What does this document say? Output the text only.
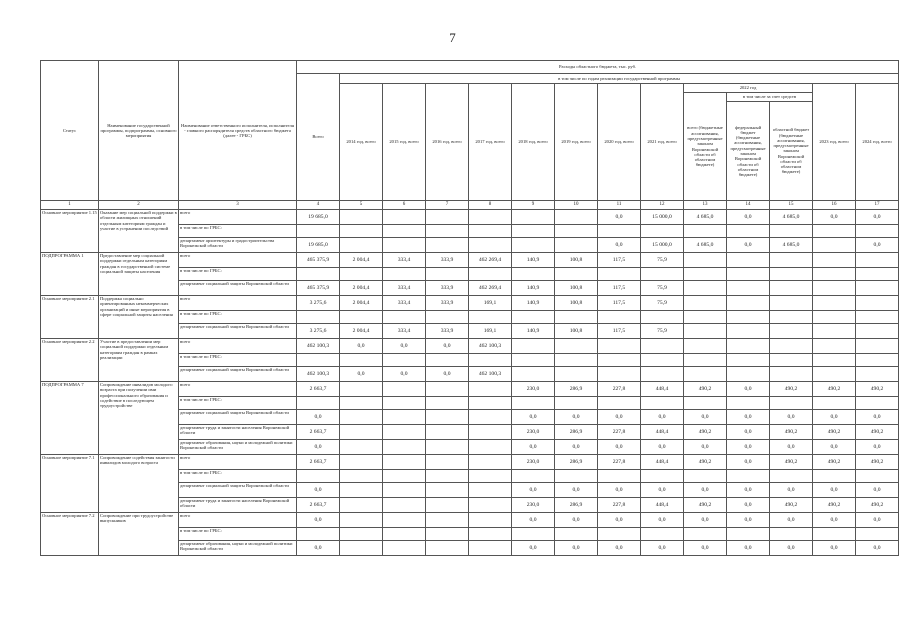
7
Статус	Наименование государственной программы, подпрограммы, основного мероприятия	Наименование ответственного исполнителя, исполнителя - главного распорядителя средств областного бюджета (далее - ГРБС)	Расходы областного бюджета, тыс. руб.													
			Всего	в том числе по годам реализации государственной программы												
				2014 год, всего	2015 год, всего	2016 год, всего	2017 год, всего	2018 год, всего	2019 год, всего	2020 год, всего	2021 год, всего	2022 год			2023 год, всего	2024 год, всего
												всего (бюджетные ассигнования, предусмотренные законом Воронежской области об областном бюджете)	в том числе за счет средств			
													федеральный бюджет (бюджетные ассигнования, предусмотренные законом Воронежской области об областном бюджете)	областной бюджет (бюджетные ассигнования, предусмотренные законом Воронежской области об областном бюджете)		
1	2	3	4	5	6	7	8	9	10	11	12	13	14	15	16	17
Основное мероприятие 1.15	Оказание мер социальной поддержки в области жилищных отношений отдельным категориям граждан и участие в устранении последствий	всего	19 685,0							0,0	15 000,0	4 685,0	0,0	4 685,0	0,0	0,0
		в том числе по ГРБС:														
		департамент архитектуры и градостроительства Воронежской области	19 685,0							0,0	15 000,0	4 685,0	0,0	4 685,0		0,0
ПОДПРОГРАММА 1	Предоставление мер социальной поддержки отдельным категориям граждан в государственной системе социальной защиты населения	всего	465 375,9	2 004,4	333,4	333,9	462 269,4	140,9	100,8	117,5	75,9					
		в том числе по ГРБС:														
		департамент социальной защиты Воронежской области	465 375,9	2 004,4	333,4	333,9	462 269,4	140,9	100,8	117,5	75,9					
Основное мероприятие 2.1	Поддержка социально ориентированных некоммерческих организаций и иные мероприятия в сфере социальной защиты населения	всего	3 275,6	2 004,4	333,4	333,9	169,1	140,9	100,8	117,5	75,9					
		в том числе по ГРБС:														
		департамент социальной защиты Воронежской области	3 275,6	2 004,4	333,4	333,9	169,1	140,9	100,8	117,5	75,9					
Основное мероприятие 2.2	Участие в предоставлении мер социальной поддержки отдельным категориям граждан в рамках реализации	всего	462 100,3	0,0	0,0	0,0	462 100,3									
		в том числе по ГРБС:														
		департамент социальной защиты Воронежской области	462 100,3	0,0	0,0	0,0	462 100,3									
ПОДПРОГРАММА 7	Сопровождение инвалидов молодого возраста при получении ими профессионального образования и содействие в последующем трудоустройстве	всего	2 663,7					230,0	286,9	227,8	448,4	490,2	0,0	490,2	490,2	490,2
		в том числе по ГРБС:														
		департамент социальной защиты Воронежской области	0,0					0,0	0,0	0,0	0,0	0,0	0,0	0,0	0,0	0,0
		департамент труда и занятости населения Воронежской области	2 663,7					230,0	286,9	227,8	448,4	490,2	0,0	490,2	490,2	490,2
		департамент образования, науки и молодежной политики Воронежской области	0,0					0,0	0,0	0,0	0,0	0,0	0,0	0,0	0,0	0,0
Основное мероприятие 7.1	Сопровождение содействия занятости инвалидов молодого возраста	всего	2 663,7					230,0	286,9	227,8	448,4	490,2	0,0	490,2	490,2	490,2
		в том числе по ГРБС:														
		департамент социальной защиты Воронежской области	0,0					0,0	0,0	0,0	0,0	0,0	0,0	0,0	0,0	0,0
		департамент труда и занятости населения Воронежской области	2 663,7					230,0	286,9	227,8	448,4	490,2	0,0	490,2	490,2	490,2
Основное мероприятие 7.2	Сопровождение при трудоустройстве выпускников	всего	0,0					0,0	0,0	0,0	0,0	0,0	0,0	0,0	0,0	0,0
		в том числе по ГРБС:														
		департамент образования, науки и молодежной политики Воронежской области	0,0					0,0	0,0	0,0	0,0	0,0	0,0	0,0	0,0	0,0
